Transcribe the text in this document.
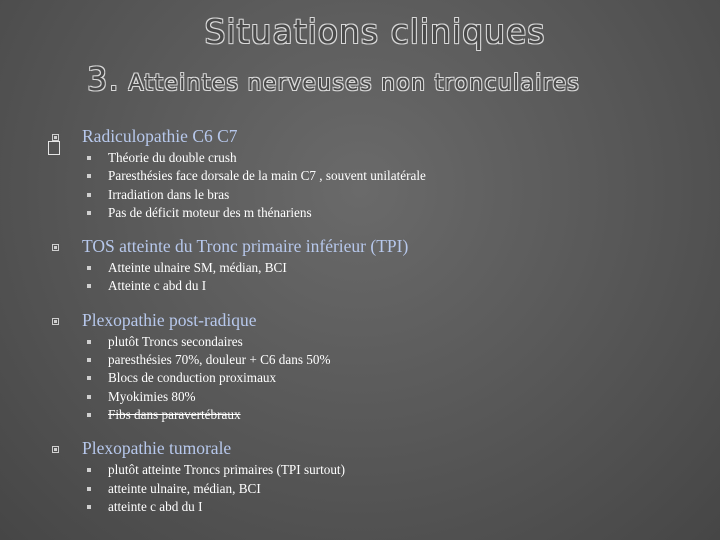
Situations cliniques
3. Atteintes nerveuses non tronculaires
Radiculopathie C6 C7
Théorie du double crush
Paresthésies face dorsale de la main C7 , souvent unilatérale
Irradiation dans le bras
Pas de déficit moteur des m thénariens
TOS atteinte du Tronc primaire inférieur (TPI)
Atteinte ulnaire SM, médian, BCI
Atteinte c abd du I
Plexopathie post-radique
plutôt Troncs secondaires
paresthésies 70%, douleur + C6 dans 50%
Blocs de conduction proximaux
Myokimies 80%
Fibs dans paravertébraux
Plexopathie tumorale
plutôt atteinte Troncs primaires (TPI surtout)
atteinte ulnaire, médian, BCI
atteinte c abd du I
